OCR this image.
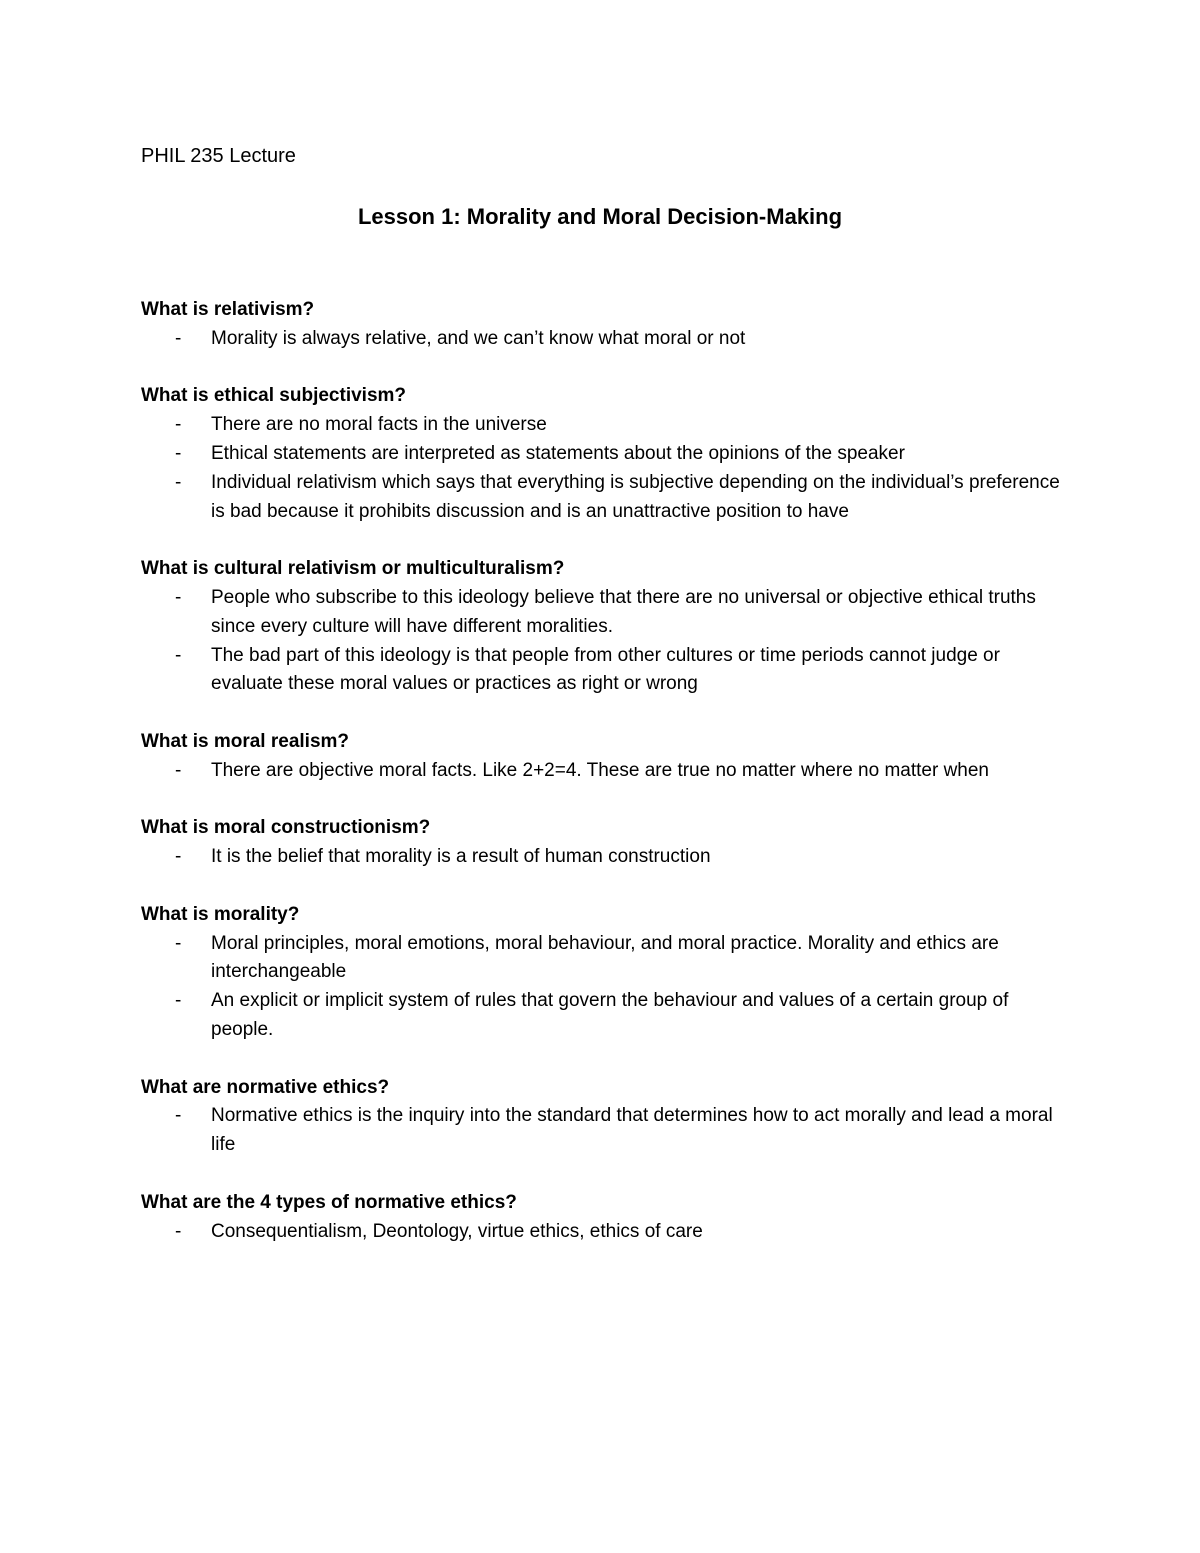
PHIL 235 Lecture
Lesson 1: Morality and Moral Decision-Making
What is relativism?
- Morality is always relative, and we can’t know what moral or not
What is ethical subjectivism?
- There are no moral facts in the universe
- Ethical statements are interpreted as statements about the opinions of the speaker
- Individual relativism which says that everything is subjective depending on the individual’s preference is bad because it prohibits discussion and is an unattractive position to have
What is cultural relativism or multiculturalism?
- People who subscribe to this ideology believe that there are no universal or objective ethical truths since every culture will have different moralities.
- The bad part of this ideology is that people from other cultures or time periods cannot judge or evaluate these moral values or practices as right or wrong
What is moral realism?
- There are objective moral facts. Like 2+2=4. These are true no matter where no matter when
What is moral constructionism?
- It is the belief that morality is a result of human construction
What is morality?
- Moral principles, moral emotions, moral behaviour, and moral practice. Morality and ethics are interchangeable
- An explicit or implicit system of rules that govern the behaviour and values of a certain group of people.
What are normative ethics?
- Normative ethics is the inquiry into the standard that determines how to act morally and lead a moral life
What are the 4 types of normative ethics?
- Consequentialism, Deontology, virtue ethics, ethics of care
